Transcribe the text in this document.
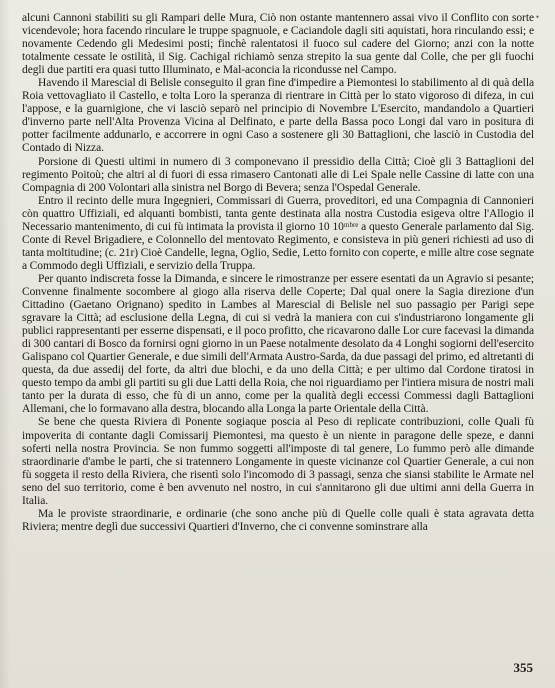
•

alcuni Cannoni stabiliti su gli Rampari delle Mura, Ciò non ostante mantennero assai vivo il Conflito con sorte vicendevole; hora facendo rinculare le truppe spagnuole, e Caciandole dagli siti aquistati, hora rinculando essi; e novamente Cedendo gli Medesimi posti; finchè ralentatosi il fuoco sul cadere del Giorno; anzi con la notte totalmente cessate le ostilità, il Sig. Cachigal richiamò senza strepito la sua gente dal Colle, che per gli fuochi degli due partiti era quasi tutto Illuminato, e Mal-aconcia la ricondusse nel Campo.

Havendo il Marescial di Belisle conseguito il gran fine d'impedire a Piemontesi lo stabilimento al di quà della Roia vettovagliato il Castello, e tolta Loro la speranza di rientrare in Città per lo stato vigoroso di difeza, in cui l'appose, e la guarnigione, che vi lasciò separò nel principio di Novembre L'Esercito, mandandolo a Quartieri d'inverno parte nell'Alta Provenza Vicina al Delfinato, e parte della Bassa poco Longi dal varo in positura di potter facilmente addunarlo, e accorrere in ogni Caso a sostenere gli 30 Battaglioni, che lasciò in Custodia del Contado di Nizza.

Porsione di Questi ultimi in numero di 3 componevano il pressidio della Città; Cioè gli 3 Battaglioni del regimento Poitoù; che altri al di fuori di essa rimasero Cantonati alle di Lei Spale nelle Cassine di latte con una Compagnia di 200 Volontari alla sinistra nel Borgo di Bevera; senza l'Ospedal Generale.

Entro il recinto delle mura Ingegnieri, Commissari di Guerra, proveditori, ed una Compagnia di Cannonieri còn quattro Uffiziali, ed alquanti bombisti, tanta gente destinata alla nostra Custodia esigeva oltre l'Allogio il Necessario mantenimento, di cui fù intimata la provista il giorno 10 10ᵐᵇʳᵉ a questo Generale parlamento dal Sig. Conte di Revel Brigadiere, e Colonnello del mentovato Regimento, e consisteva in più generi richiesti ad uso di tanta moltitudine; (c. 21r) Cioè Candelle, legna, Oglio, Sedie, Letto fornito con coperte, e mille altre cose segnate a Commodo degli Uffiziali, e servizio della Truppa.

Per quanto indiscreta fosse la Dimanda, e sincere le rimostranze per essere esentati da un Agravio si pesante; Convenne finalmente socombere al giogo alla riserva delle Coperte; Dal qual onere la Sagia direzione d'un Cittadino (Gaetano Orignano) spedito in Lambes al Marescial di Belisle nel suo passagio per Parigi sepe sgravare la Città; ad esclusione della Legna, di cui si vedrà la maniera con cui s'industriarono longamente gli publici rappresentanti per esserne dispensati, e il poco profitto, che ricavarono dalle Lor cure facevasi la dimanda di 300 cantari di Bosco da fornirsi ogni giorno in un Paese notalmente desolato da 4 Longhi sogiorni dell'esercito Galispano col Quartier Generale, e due simili dell'Armata Austro-Sarda, da due passagi del primo, ed altretanti di questa, da due assedij del forte, da altri due blochi, e da uno della Città; e per ultimo dal Cordone tiratosi in questo tempo da ambi gli partiti su gli due Latti della Roia, che noi riguardiamo per l'intiera misura de nostri mali tanto per la durata di esso, che fù di un anno, come per la qualità degli eccessi Commessi dagli Battaglioni Allemani, che lo formavano alla destra, blocando alla Longa la parte Orientale della Città.

Se bene che questa Riviera di Ponente sogiaque poscia al Peso di replicate contribuzioni, colle Quali fù impoverita di contante dagli Comissarij Piemontesi, ma questo è un niente in paragone delle speze, e danni soferti nella nostra Provincia. Se non fummo soggetti all'imposte di tal genere, Lo fummo però alle dimande straordinarie d'ambe le parti, che si tratennero Longamente in queste vicinanze col Quartier Generale, a cui non fù soggeta il resto della Riviera, che risentì solo l'incomodo di 3 passagi, senza che siansi stabilite le Armate nel seno del suo territorio, come è ben avvenuto nel nostro, in cui s'annitarono gli due ultimi anni della Guerra in Italia.

Ma le proviste straordinarie, e ordinarie (che sono anche più di Quelle colle quali è stata agravata detta Riviera; mentre deglì due successivi Quartieri d'Inverno, che ci convenne sominstrare alla

355
